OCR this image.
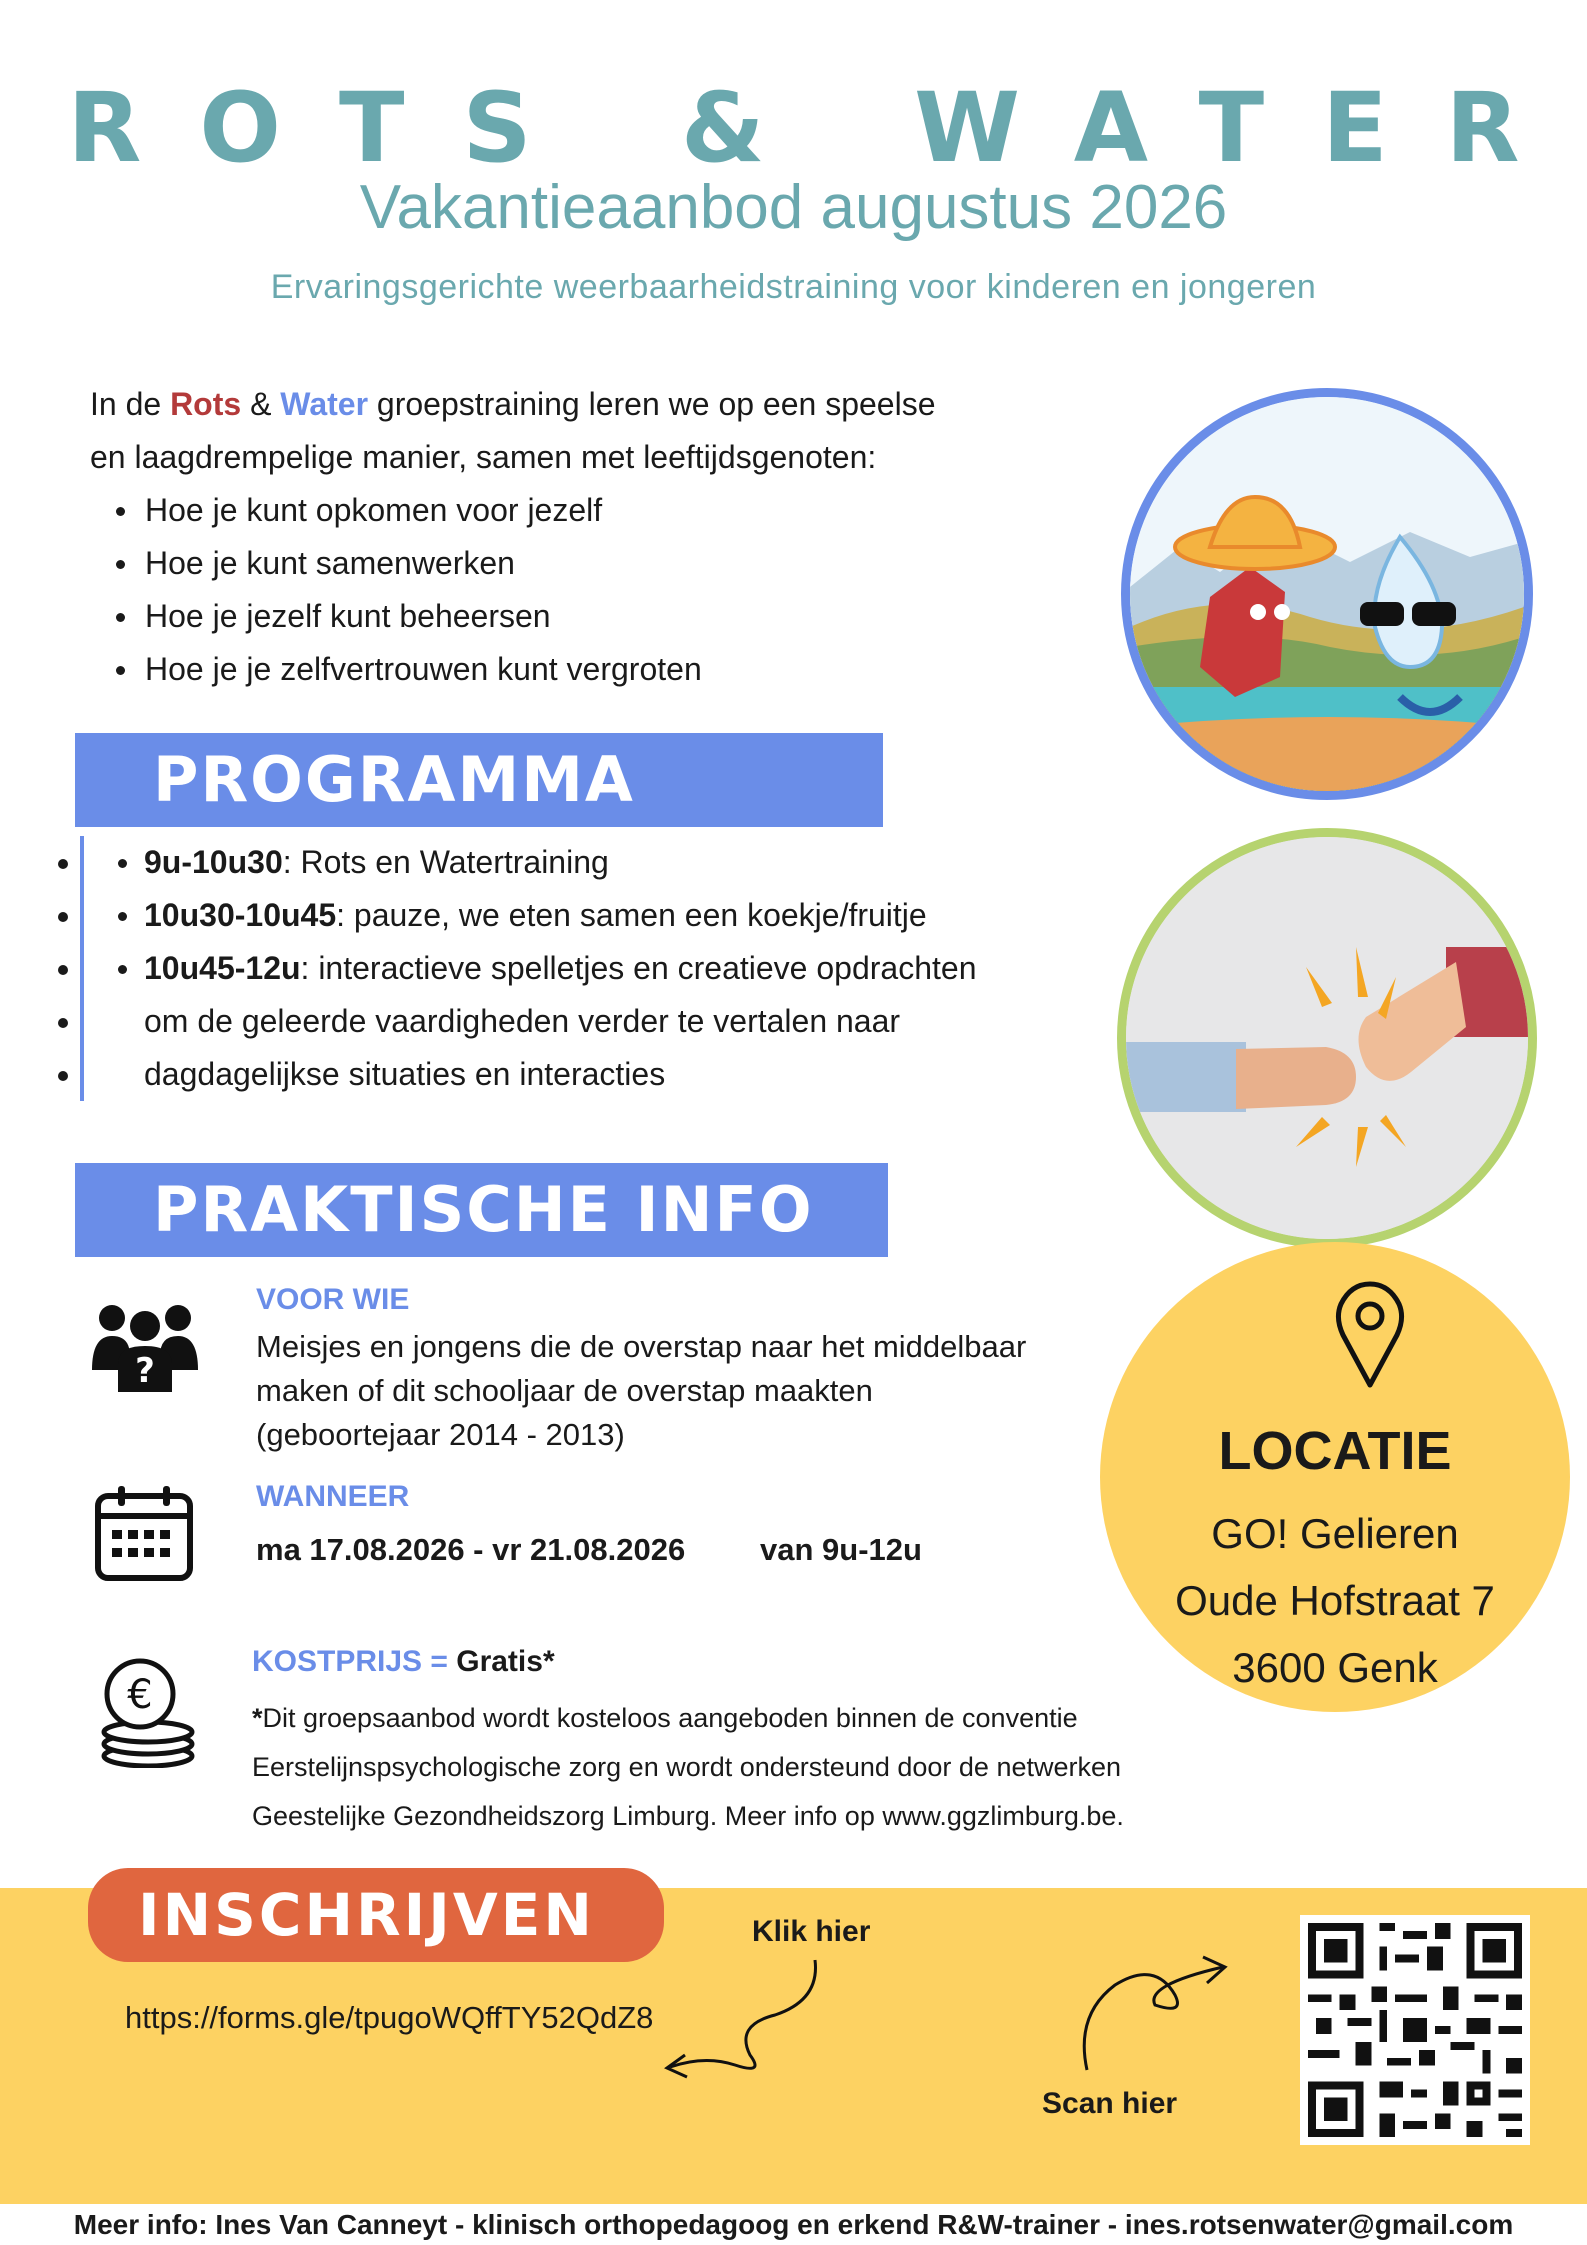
ROTS & WATER
Vakantieaanbod augustus 2026
Ervaringsgerichte weerbaarheidstraining voor kinderen en jongeren
In de Rots & Water groepstraining leren we op een speelse
en laagdrempelige manier, samen met leeftijdsgenoten:
Hoe je kunt opkomen voor jezelf
Hoe je kunt samenwerken
Hoe je jezelf kunt beheersen
Hoe je je zelfvertrouwen kunt vergroten
PROGRAMMA
• 9u-10u30: Rots en Watertraining
• 10u30-10u45: pauze, we eten samen een koekje/fruitje
• 10u45-12u: interactieve spelletjes en creatieve opdrachten
• om de geleerde vaardigheden verder te vertalen naar
• dagdagelijkse situaties en interacties
PRAKTISCHE INFO
?
VOOR WIE
Meisjes en jongens die de overstap naar het middelbaar
maken of dit schooljaar de overstap maakten
(geboortejaar 2014 - 2013)
WANNEER
ma 17.08.2026 - vr 21.08.2026 van 9u-12u
€
KOSTPRIJS = Gratis*
*Dit groepsaanbod wordt kosteloos aangeboden binnen de conventie
Eerstelijnspsychologische zorg en wordt ondersteund door de netwerken
Geestelijke Gezondheidszorg Limburg. Meer info op www.ggzlimburg.be.
LOCATIE
GO! Gelieren
Oude Hofstraat 7
3600 Genk
INSCHRIJVEN
https://forms.gle/tpugoWQffTY52QdZ8
Klik hier
Scan hier
Meer info: Ines Van Canneyt - klinisch orthopedagoog en erkend R&W-trainer - ines.rotsenwater@gmail.com
